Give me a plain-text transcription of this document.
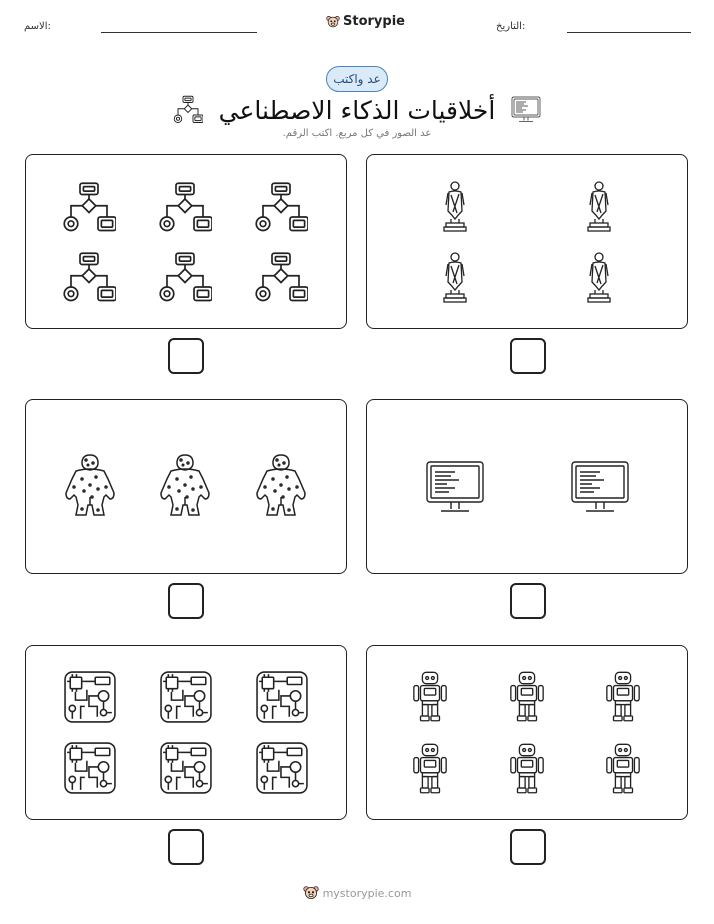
الاسم:	Storypie	التاريخ:
عد واكتب
أخلاقيات الذكاء الاصطناعي
عد الصور في كل مربع. اكتب الرقم.
mystorypie.com
